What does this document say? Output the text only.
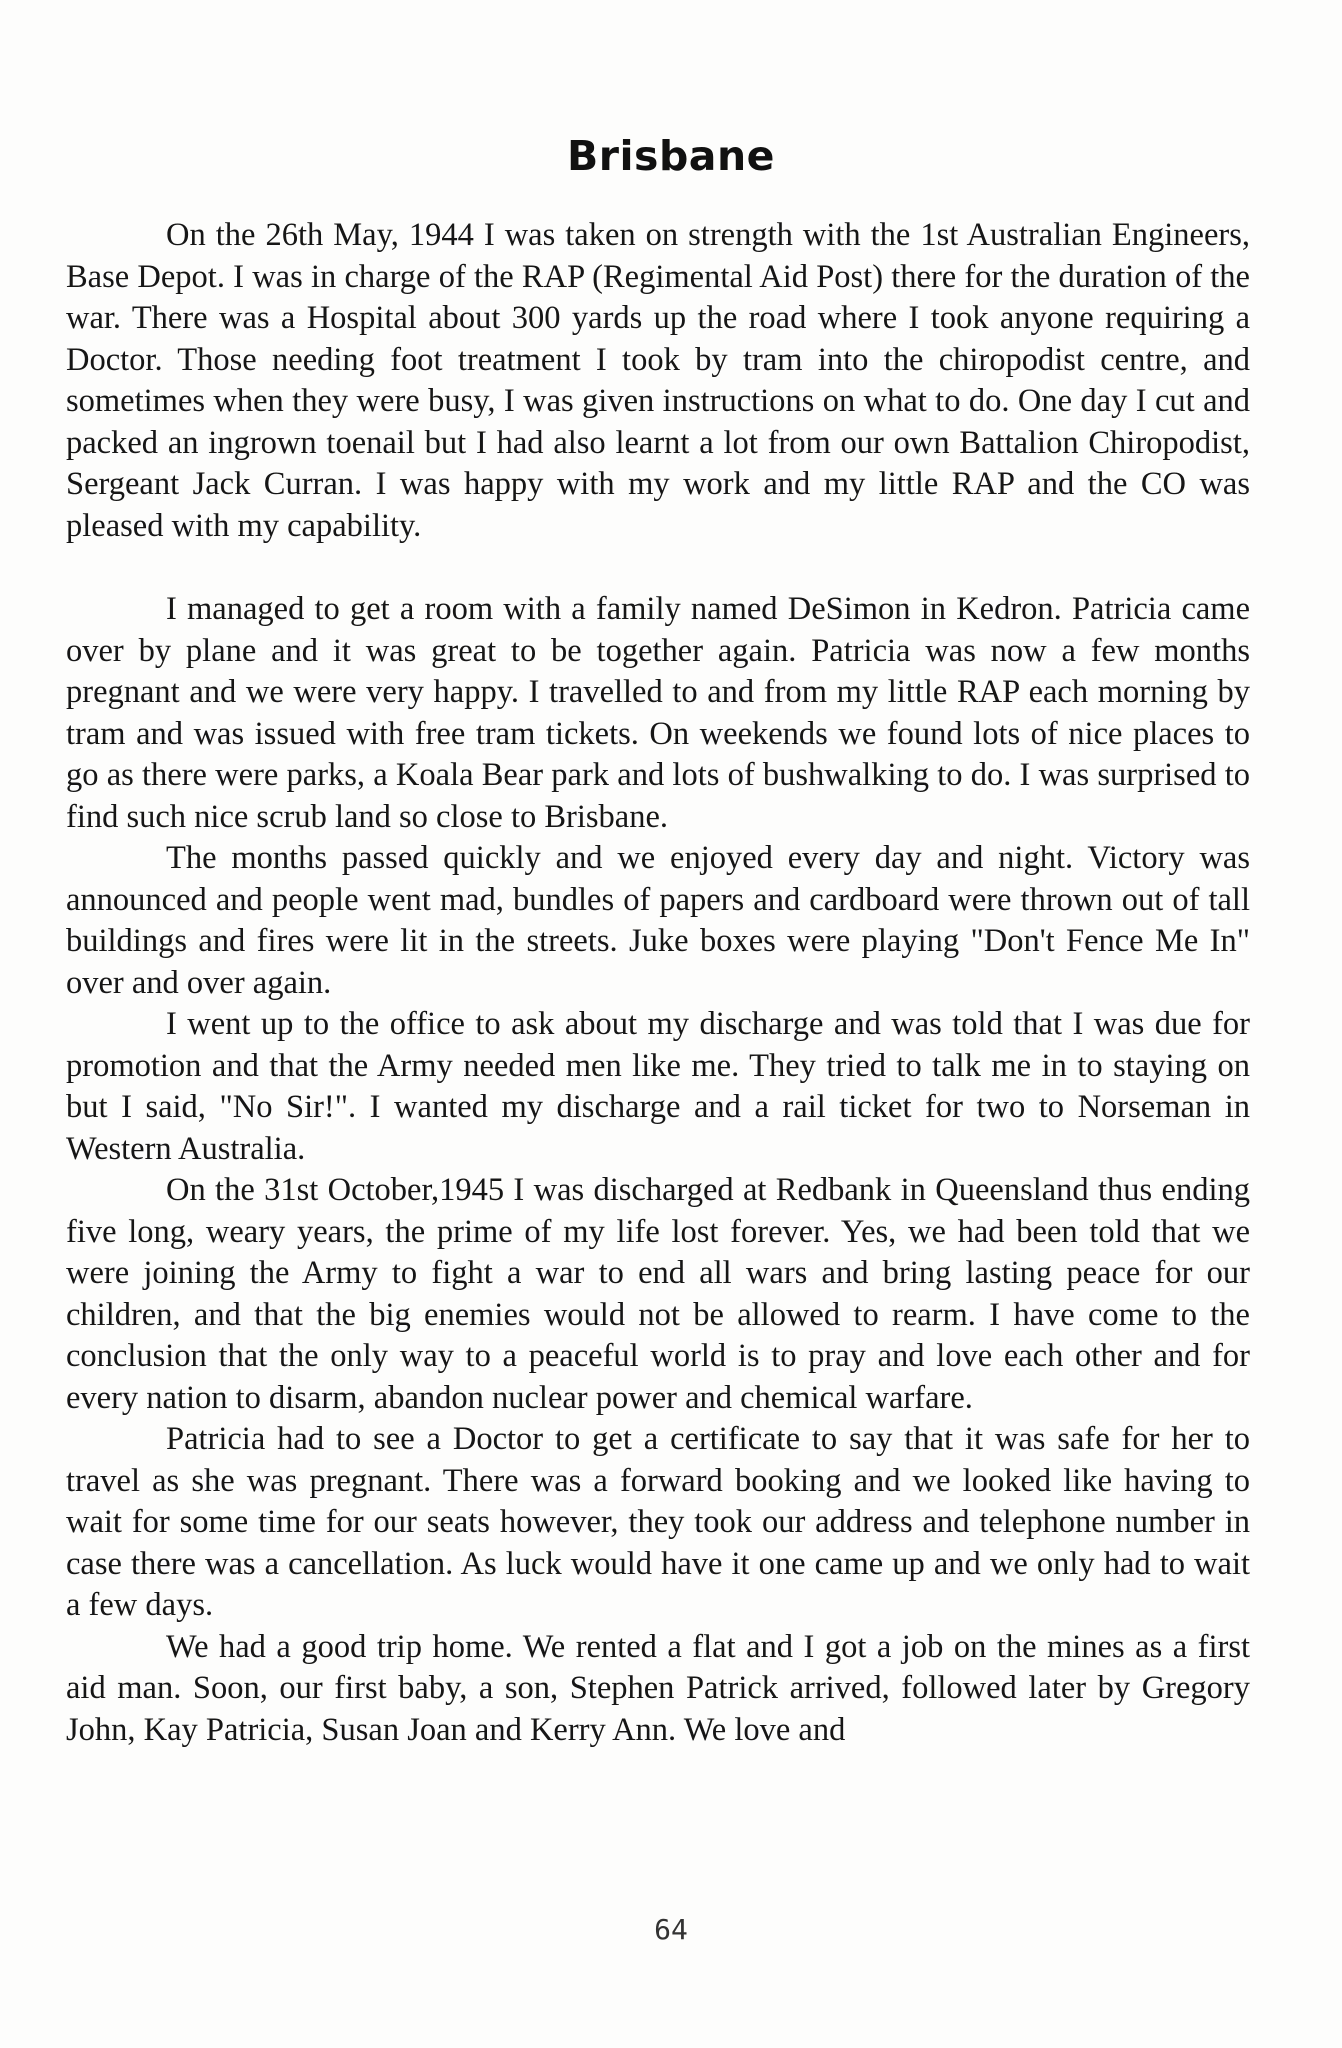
Brisbane

On the 26th May, 1944 I was taken on strength with the 1st Australian Engineers, Base Depot. I was in charge of the RAP (Regimental Aid Post) there for the duration of the war. There was a Hospital about 300 yards up the road where I took anyone requiring a Doctor. Those needing foot treatment I took by tram into the chiropodist centre, and sometimes when they were busy, I was given instructions on what to do. One day I cut and packed an ingrown toenail but I had also learnt a lot from our own Battalion Chiropodist, Sergeant Jack Curran. I was happy with my work and my little RAP and the CO was pleased with my capability.

I managed to get a room with a family named DeSimon in Kedron. Patricia came over by plane and it was great to be together again. Patricia was now a few months pregnant and we were very happy. I travelled to and from my little RAP each morning by tram and was issued with free tram tickets. On weekends we found lots of nice places to go as there were parks, a Koala Bear park and lots of bushwalking to do. I was surprised to find such nice scrub land so close to Brisbane.

The months passed quickly and we enjoyed every day and night. Victory was announced and people went mad, bundles of papers and cardboard were thrown out of tall buildings and fires were lit in the streets. Juke boxes were playing "Don't Fence Me In" over and over again.

I went up to the office to ask about my discharge and was told that I was due for promotion and that the Army needed men like me. They tried to talk me in to staying on but I said, "No Sir!". I wanted my discharge and a rail ticket for two to Norseman in Western Australia.

On the 31st October,1945 I was discharged at Redbank in Queensland thus ending five long, weary years, the prime of my life lost forever. Yes, we had been told that we were joining the Army to fight a war to end all wars and bring lasting peace for our children, and that the big enemies would not be allowed to rearm. I have come to the conclusion that the only way to a peaceful world is to pray and love each other and for every nation to disarm, abandon nuclear power and chemical warfare.

Patricia had to see a Doctor to get a certificate to say that it was safe for her to travel as she was pregnant. There was a forward booking and we looked like having to wait for some time for our seats however, they took our address and telephone number in case there was a cancellation. As luck would have it one came up and we only had to wait a few days.

We had a good trip home. We rented a flat and I got a job on the mines as a first aid man. Soon, our first baby, a son, Stephen Patrick arrived, followed later by Gregory John, Kay Patricia, Susan Joan and Kerry Ann. We love and

64
